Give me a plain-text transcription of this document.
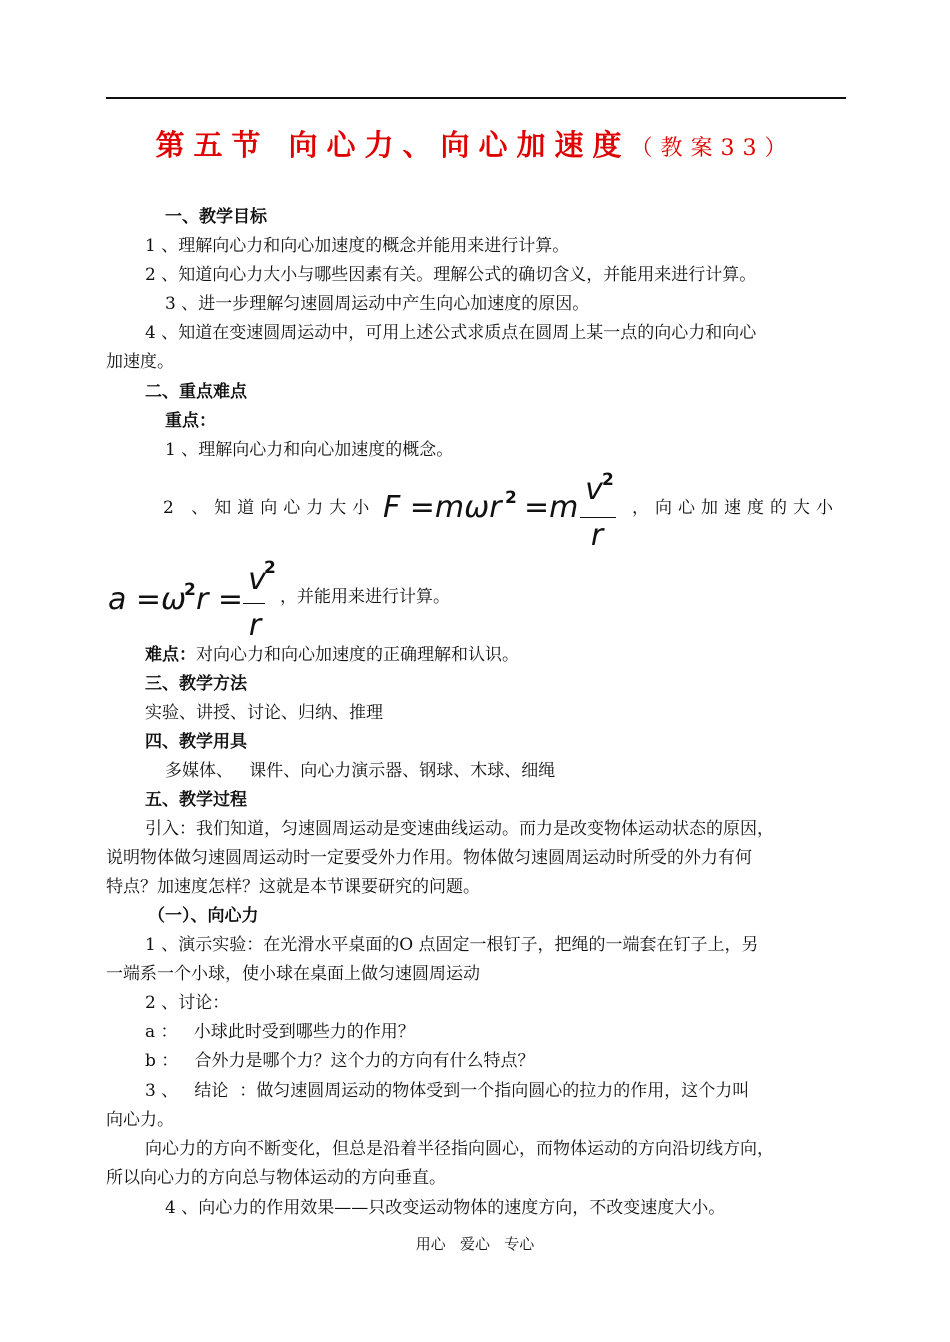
第五节 向心力、向心加速度（教案33）
一、教学目标
1 、理解向心力和向心加速度的概念并能用来进行计算。
2 、知道向心力大小与哪些因素有关。理解公式的确切含义，并能用来进行计算。
3 、进一步理解匀速圆周运动中产生向心加速度的原因。
4 、知道在变速圆周运动中，可用上述公式求质点在圆周上某一点的向心力和向心
加速度。
二、重点难点
重点：
1 、理解向心力和向心加速度的概念。
2 、知道向心力大小 F =mωr 2 =m
v 2
r
，向心加速度的大小
a =ω
2 r =
v
2
r
，并能用来进行计算。
难点：对向心力和向心加速度的正确理解和认识。
三、教学方法
实验、讲授、讨论、归纳、推理
四、教学用具
多媒体、   课件、向心力演示器、钢球、木球、细绳
五、教学过程
引入：我们知道，匀速圆周运动是变速曲线运动。而力是改变物体运动状态的原因，
说明物体做匀速圆周运动时一定要受外力作用。物体做匀速圆周运动时所受的外力有何
特点？加速度怎样？这就是本节课要研究的问题。
（一）、向心力
1 、演示实验：在光滑水平桌面的O 点固定一根钉子，把绳的一端套在钉子上，另
一端系一个小球，使小球在桌面上做匀速圆周运动
2 、讨论：
a ：   小球此时受到哪些力的作用？
b ：   合外力是哪个力？这个力的方向有什么特点？
3 、   结论  ：做匀速圆周运动的物体受到一个指向圆心的拉力的作用，这个力叫
向心力。
向心力的方向不断变化，但总是沿着半径指向圆心，而物体运动的方向沿切线方向，
所以向心力的方向总与物体运动的方向垂直。
4 、向心力的作用效果——只改变运动物体的速度方向，不改变速度大小。
用心   爱心   专心
